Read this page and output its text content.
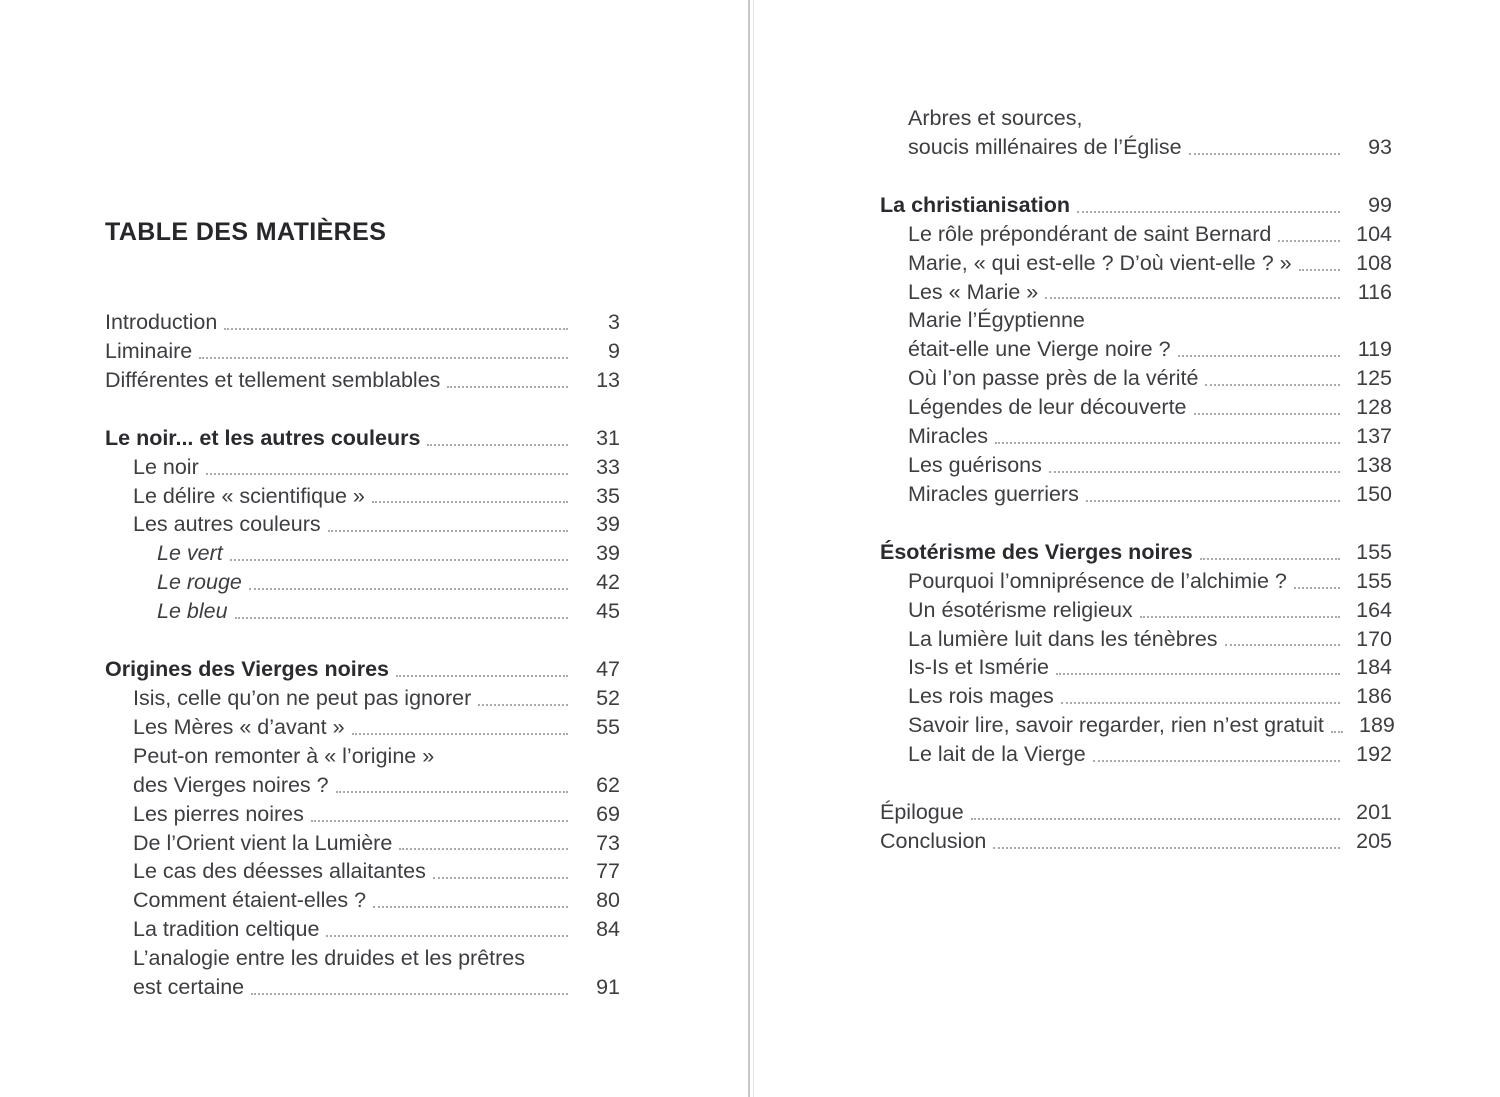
TABLE DES MATIÈRES
Introduction	3
Liminaire	9
Différentes et tellement semblables	13
Le noir... et les autres couleurs	31
Le noir	33
Le délire « scientifique »	35
Les autres couleurs	39
Le vert	39
Le rouge	42
Le bleu	45
Origines des Vierges noires	47
Isis, celle qu’on ne peut pas ignorer	52
Les Mères « d’avant »	55
Peut-on remonter à « l’origine »
des Vierges noires ?	62
Les pierres noires	69
De l’Orient vient la Lumière	73
Le cas des déesses allaitantes	77
Comment étaient-elles ?	80
La tradition celtique	84
L’analogie entre les druides et les prêtres
est certaine	91
Arbres et sources,
soucis millénaires de l’Église	93
La christianisation	99
Le rôle prépondérant de saint Bernard	104
Marie, « qui est-elle ? D’où vient-elle ? »	108
Les « Marie »	116
Marie l’Égyptienne
était-elle une Vierge noire ?	119
Où l’on passe près de la vérité	125
Légendes de leur découverte	128
Miracles	137
Les guérisons	138
Miracles guerriers	150
Ésotérisme des Vierges noires	155
Pourquoi l’omniprésence de l’alchimie ?	155
Un ésotérisme religieux	164
La lumière luit dans les ténèbres	170
Is-Is et Ismérie	184
Les rois mages	186
Savoir lire, savoir regarder, rien n’est gratuit	189
Le lait de la Vierge	192
Épilogue	201
Conclusion	205
